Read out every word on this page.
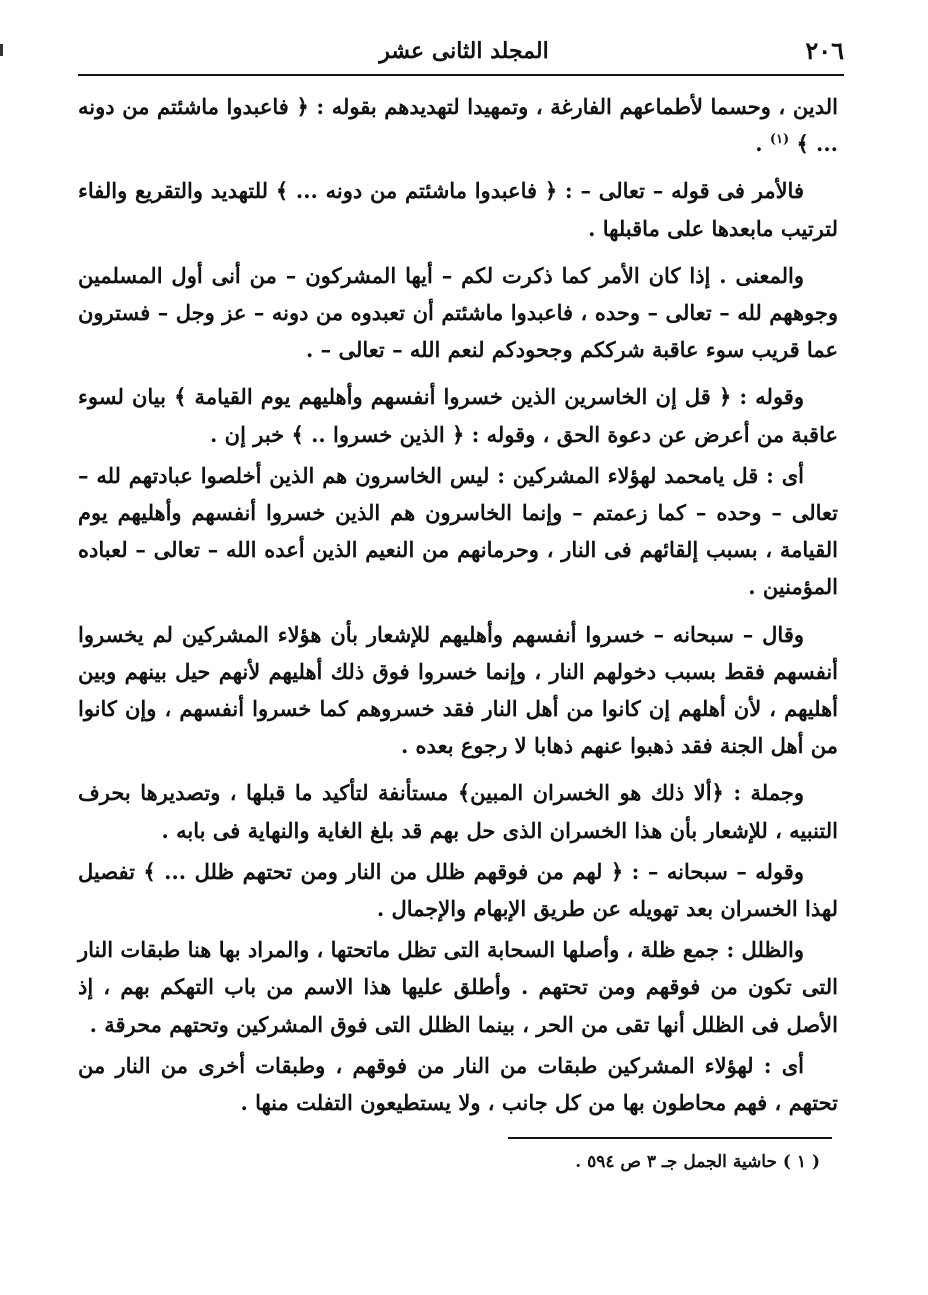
٢٠٦
المجلد الثانى عشر

الدين ، وحسما لأطماعهم الفارغة ، وتمهيدا لتهديدهم بقوله : ﴿ فاعبدوا ماشئتم من دونه ... ﴾ $^{(١)}$ .

فالأمر فى قوله – تعالى – : ﴿ فاعبدوا ماشئتم من دونه ... ﴾ للتهديد والتقريع والفاء لترتيب مابعدها على ماقبلها .

والمعنى . إذا كان الأمر كما ذكرت لكم – أيها المشركون – من أنى أول المسلمين وجوههم لله – تعالى – وحده ، فاعبدوا ماشئتم أن تعبدوه من دونه – عز وجل – فسترون عما قريب سوء عاقبة شرككم وجحودكم لنعم الله – تعالى – .

وقوله : ﴿ قل إن الخاسرين الذين خسروا أنفسهم وأهليهم يوم القيامة ﴾ بيان لسوء عاقبة من أعرض عن دعوة الحق ، وقوله : ﴿ الذين خسروا .. ﴾ خبر إن .

أى : قل يامحمد لهؤلاء المشركين : ليس الخاسرون هم الذين أخلصوا عبادتهم لله – تعالى – وحده – كما زعمتم – وإنما الخاسرون هم الذين خسروا أنفسهم وأهليهم يوم القيامة ، بسبب إلقائهم فى النار ، وحرمانهم من النعيم الذين أعده الله – تعالى – لعباده المؤمنين .

وقال – سبحانه – خسروا أنفسهم وأهليهم للإشعار بأن هؤلاء المشركين لم يخسروا أنفسهم فقط بسبب دخولهم النار ، وإنما خسروا فوق ذلك أهليهم لأنهم حيل بينهم وبين أهليهم ، لأن أهلهم إن كانوا من أهل النار فقد خسروهم كما خسروا أنفسهم ، وإن كانوا من أهل الجنة فقد ذهبوا عنهم ذهابا لا رجوع بعده .

وجملة : ﴿ألا ذلك هو الخسران المبين﴾ مستأنفة لتأكيد ما قبلها ، وتصديرها بحرف التنبيه ، للإشعار بأن هذا الخسران الذى حل بهم قد بلغ الغاية والنهاية فى بابه .

وقوله – سبحانه – : ﴿ لهم من فوقهم ظلل من النار ومن تحتهم ظلل ... ﴾ تفصيل لهذا الخسران بعد تهويله عن طريق الإبهام والإجمال .

والظلل : جمع ظلة ، وأصلها السحابة التى تظل ماتحتها ، والمراد بها هنا طبقات النار التى تكون من فوقهم ومن تحتهم . وأطلق عليها هذا الاسم من باب التهكم بهم ، إذ الأصل فى الظلل أنها تقى من الحر ، بينما الظلل التى فوق المشركين وتحتهم محرقة .

أى : لهؤلاء المشركين طبقات من النار من فوقهم ، وطبقات أخرى من النار من تحتهم ، فهم محاطون بها من كل جانب ، ولا يستطيعون التفلت منها .

( ١ ) حاشية الجمل جـ ٣ ص ٥٩٤ .
